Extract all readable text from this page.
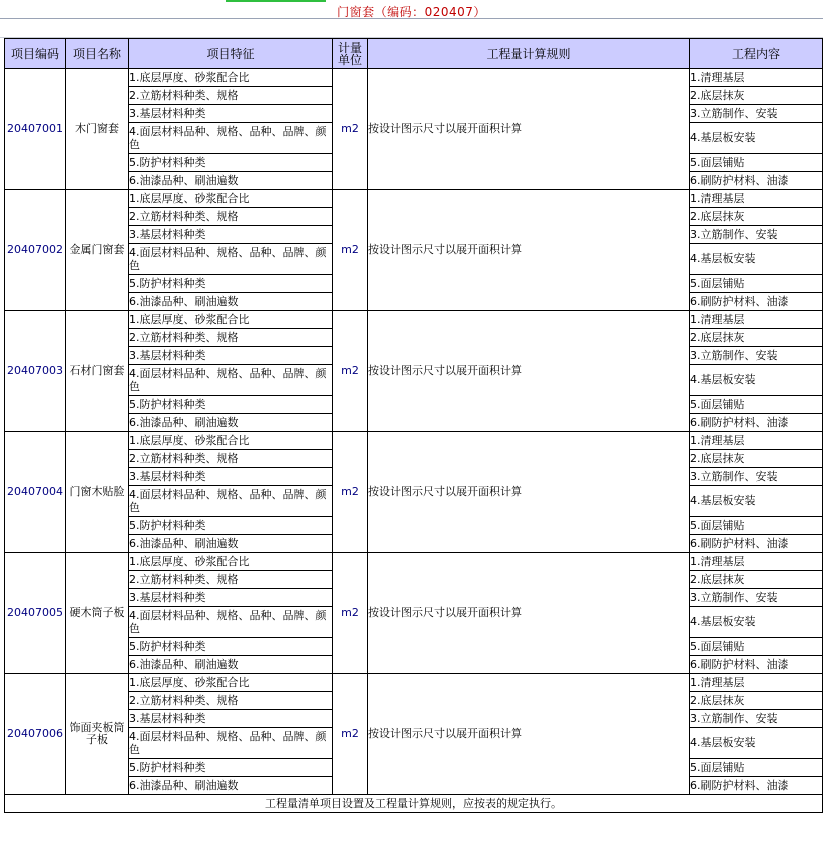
门窗套（编码：020407）
项目编码	项目名称	项目特征	计量单位	工程量计算规则	工程内容
20407001	木门窗套	1.底层厚度、砂浆配合比	m2	按设计图示尺寸以展开面积计算	1.清理基层
		2.立筋材料种类、规格			2.底层抹灰
		3.基层材料种类			3.立筋制作、安装
		4.面层材料品种、规格、品种、品牌、颜色			4.基层板安装
		5.防护材料种类			5.面层铺贴
		6.油漆品种、刷油遍数			6.刷防护材料、油漆
20407002	金属门窗套	1.底层厚度、砂浆配合比	m2	按设计图示尺寸以展开面积计算	1.清理基层
		2.立筋材料种类、规格			2.底层抹灰
		3.基层材料种类			3.立筋制作、安装
		4.面层材料品种、规格、品种、品牌、颜色			4.基层板安装
		5.防护材料种类			5.面层铺贴
		6.油漆品种、刷油遍数			6.刷防护材料、油漆
20407003	石材门窗套	1.底层厚度、砂浆配合比	m2	按设计图示尺寸以展开面积计算	1.清理基层
		2.立筋材料种类、规格			2.底层抹灰
		3.基层材料种类			3.立筋制作、安装
		4.面层材料品种、规格、品种、品牌、颜色			4.基层板安装
		5.防护材料种类			5.面层铺贴
		6.油漆品种、刷油遍数			6.刷防护材料、油漆
20407004	门窗木贴脸	1.底层厚度、砂浆配合比	m2	按设计图示尺寸以展开面积计算	1.清理基层
		2.立筋材料种类、规格			2.底层抹灰
		3.基层材料种类			3.立筋制作、安装
		4.面层材料品种、规格、品种、品牌、颜色			4.基层板安装
		5.防护材料种类			5.面层铺贴
		6.油漆品种、刷油遍数			6.刷防护材料、油漆
20407005	硬木筒子板	1.底层厚度、砂浆配合比	m2	按设计图示尺寸以展开面积计算	1.清理基层
		2.立筋材料种类、规格			2.底层抹灰
		3.基层材料种类			3.立筋制作、安装
		4.面层材料品种、规格、品种、品牌、颜色			4.基层板安装
		5.防护材料种类			5.面层铺贴
		6.油漆品种、刷油遍数			6.刷防护材料、油漆
20407006	饰面夹板筒子板	1.底层厚度、砂浆配合比	m2	按设计图示尺寸以展开面积计算	1.清理基层
		2.立筋材料种类、规格			2.底层抹灰
		3.基层材料种类			3.立筋制作、安装
		4.面层材料品种、规格、品种、品牌、颜色			4.基层板安装
		5.防护材料种类			5.面层铺贴
		6.油漆品种、刷油遍数			6.刷防护材料、油漆
工程量清单项目设置及工程量计算规则，应按表的规定执行。					
